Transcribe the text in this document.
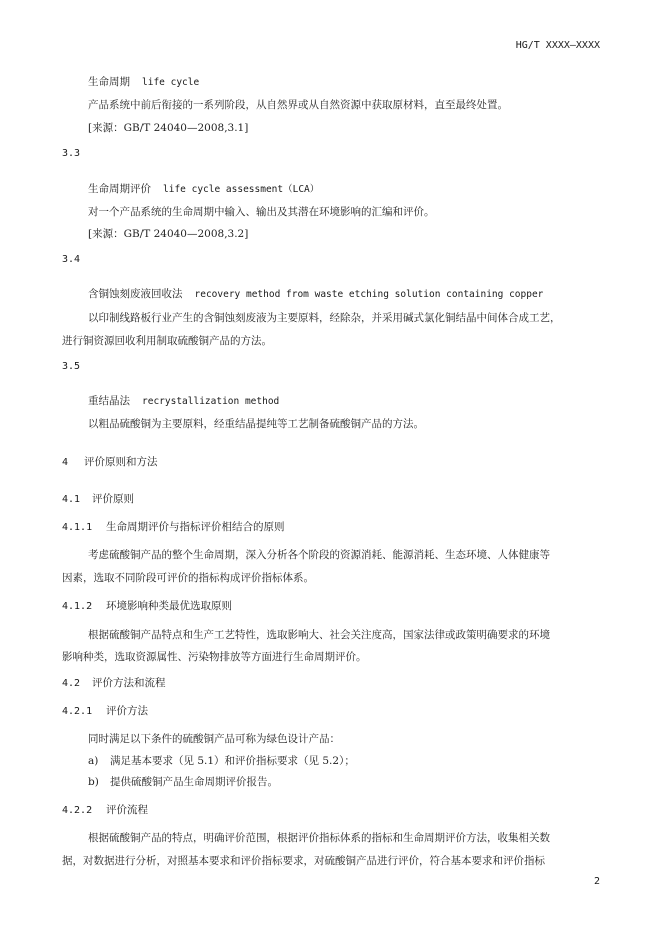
HG/T XXXX—XXXX
生命周期 life cycle
产品系统中前后衔接的一系列阶段，从自然界或从自然资源中获取原材料，直至最终处置。
[来源：GB/T 24040—2008,3.1]
3.3
生命周期评价 life cycle assessment（LCA）
对一个产品系统的生命周期中输入、输出及其潜在环境影响的汇编和评价。
[来源：GB/T 24040—2008,3.2]
3.4
含铜蚀刻废液回收法 recovery method from waste etching solution containing copper
以印制线路板行业产生的含铜蚀刻废液为主要原料，经除杂，并采用碱式氯化铜结晶中间体合成工艺，
进行铜资源回收利用制取硫酸铜产品的方法。
3.5
重结晶法 recrystallization method
以粗品硫酸铜为主要原料，经重结晶提纯等工艺制备硫酸铜产品的方法。
4 评价原则和方法
4.1 评价原则
4.1.1 生命周期评价与指标评价相结合的原则
考虑硫酸铜产品的整个生命周期，深入分析各个阶段的资源消耗、能源消耗、生态环境、人体健康等
因素，选取不同阶段可评价的指标构成评价指标体系。
4.1.2 环境影响种类最优选取原则
根据硫酸铜产品特点和生产工艺特性，选取影响大、社会关注度高，国家法律或政策明确要求的环境
影响种类，选取资源属性、污染物排放等方面进行生命周期评价。
4.2 评价方法和流程
4.2.1 评价方法
同时满足以下条件的硫酸铜产品可称为绿色设计产品：
a) 满足基本要求（见 5.1）和评价指标要求（见 5.2）；
b) 提供硫酸铜产品生命周期评价报告。
4.2.2 评价流程
根据硫酸铜产品的特点，明确评价范围，根据评价指标体系的指标和生命周期评价方法，收集相关数
据，对数据进行分析，对照基本要求和评价指标要求，对硫酸铜产品进行评价，符合基本要求和评价指标
2
